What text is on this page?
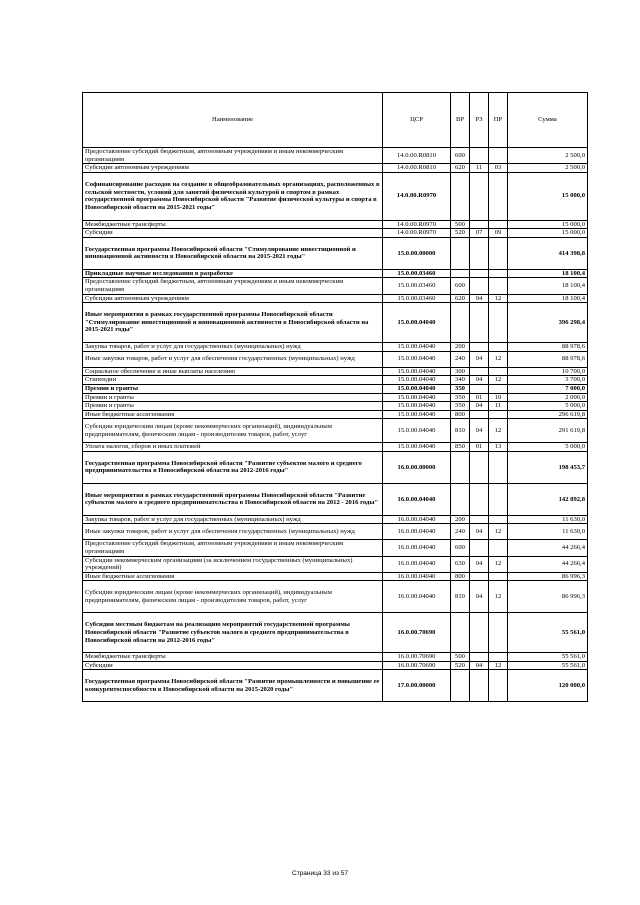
Наименование	ЦСР	ВР	РЗ	ПР	Сумма
Предоставление субсидий бюджетным, автономным учреждениям и иным некоммерческим организациям	14.0.00.R0810	600			2 500,0
Субсидии автономным учреждениям	14.0.00.R0810	620	11	03	2 500,0
Софинансирование расходов на создание в общеобразовательных организациях, расположенных в сельской местности, условий для занятий физической культурой и спортом в рамках государственной программы Новосибирской области "Развитие физической культуры и спорта в Новосибирской области на 2015-2021 годы"	14.0.00.R0970				15 000,0
Межбюджетные трансферты	14.0.00.R0970	500			15 000,0
Субсидии	14.0.00.R0970	520	07	09	15 000,0
Государственная программа Новосибирской области "Стимулирование инвестиционной и инновационной активности в Новосибирской области на 2015-2021 годы"	15.0.00.00000				414 398,8
Прикладные научные исследования в разработке	15.0.00.03460				18 100,4
Предоставление субсидий бюджетным, автономным учреждениям и иным некоммерческим организациям	15.0.00.03460	600			18 100,4
Субсидии автономным учреждениям	15.0.00.03460	620	04	12	18 100,4
Иные мероприятия в рамках государственной программы Новосибирской области "Стимулирование инвестиционной и инновационной активности в Новосибирской области на 2015-2021 годы"	15.0.00.04040				396 298,4
Закупка товаров, работ и услуг для государственных (муниципальных) нужд	15.0.00.04040	200			88 978,6
Иные закупки товаров, работ и услуг для обеспечения государственных (муниципальных) нужд	15.0.00.04040	240	04	12	88 978,6
Социальное обеспечение и иные выплаты населению	15.0.00.04040	300			10 700,0
Стипендии	15.0.00.04040	340	04	12	3 700,0
Премии и гранты	15.0.00.04040	350			7 000,0
Премии и гранты	15.0.00.04040	350	01	10	2 000,0
Премии и гранты	15.0.00.04040	350	04	11	5 000,0
Иные бюджетные ассигнования	15.0.00.04040	800			296 619,8
Субсидии юридическим лицам (кроме некоммерческих организаций), индивидуальным предпринимателям, физическим лицам - производителям товаров, работ, услуг	15.0.00.04040	810	04	12	291 619,8
Уплата налогов, сборов и иных платежей	15.0.00.04040	850	01	13	5 000,0
Государственная программа Новосибирской области "Развитие субъектов малого и среднего предпринимательства в Новосибирской области на 2012-2016 годы"	16.0.00.00000				198 453,7
Иные мероприятия в рамках государственной программы Новосибирской области "Развитие субъектов малого и среднего предпринимательства в Новосибирской области на 2012 - 2016 годы"	16.0.00.04040				142 892,8
Закупка товаров, работ и услуг для государственных (муниципальных) нужд	16.0.00.04040	200			11 630,0
Иные закупки товаров, работ и услуг для обеспечения государственных (муниципальных) нужд	16.0.00.04040	240	04	12	11 630,0
Предоставление субсидий бюджетным, автономным учреждениям и иным некоммерческим организациям	16.0.00.04040	600			44 266,4
Субсидии некоммерческим организациям (за исключением государственных (муниципальных) учреждений)	16.0.00.04040	630	04	12	44 266,4
Иные бюджетные ассигнования	16.0.00.04040	800			86 996,3
Субсидии юридическим лицам (кроме некоммерческих организаций), индивидуальным предпринимателям, физическим лицам - производителям товаров, работ, услуг	16.0.00.04040	810	04	12	86 996,3
Субсидии местным бюджетам на реализацию мероприятий государственной программы Новосибирской области "Развитие субъектов малого и среднего предпринимательства в Новосибирской области на 2012-2016 годы"	16.0.00.70690				55 561,0
Межбюджетные трансферты	16.0.00.70690	500			55 561,0
Субсидии	16.0.00.70690	520	04	12	55 561,0
Государственная программа Новосибирской области "Развитие промышленности и повышение ее конкурентоспособности в Новосибирской области на 2015-2020 годы"	17.0.00.00000				120 000,0
Страница 33 из 57
